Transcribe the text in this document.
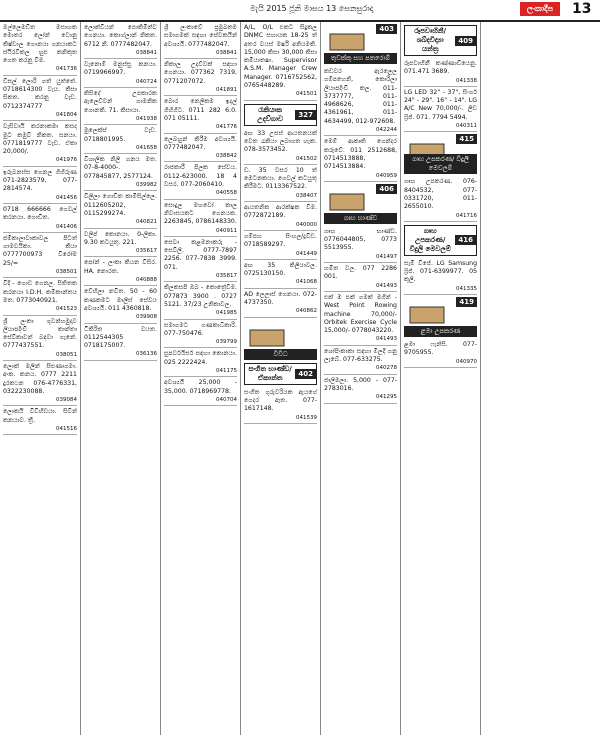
මැයි 2015 ජූනි මාසය 13 සෙනසුරාදා	ලංකාදීප	13
මල්ලෙමඩිත මසාහක මොතර ලෝන් වොනු කිෂ්චාල ගොනයා ගනයාකට ස්ථිරවිකල හුළු කනිකුත ගෙත කරනු වීම.
041736
ඩීසල් ලොරි ගත් යුත්තේ. 0718614300 වැය. කිසා සිකත. කරනු වැඩ. 0712374777
041804
වැසිවායි කරනාකමා කසද මුට කමුවී නිකත. සනයා. 0771819777 වැඩ. ඒකා 20,000/.
041976
ඉරුබනස්ස ගෙනල ගිහිරුණ 071-2823579, 077-2814574.
041456
0718 666666 ගෙවල් කරනයා. ගොඩිත.
041406
ජම්කාලාවාකාවල පිටත් ගාමවයිකා. කියා 0777700973 විරෝම 25/=
038501
විදි - ගොඩ ගෙනල. සිතිතක කරනයා I.D.H. කමිකාන්තය මත. 0773040921.
041523
ශ්‍රී ලංකා ගුවන්හමුදාව ලියාපදිංචි කාන්තා සේවිකාවන් බඳවා ගැනේ. 0777437551.
038051
ලොක් මලින් සිළුණාගමා. අංක. කනය. 0777 2211 දුරකථන 076-4776331, 0322230088.
039084
ලොකයි විවිහිඩයා. සිවින් කනයාව. ත්‍රී.
041516
ලොක්වියන් පොකිමිත්ව ගෙනයා. කොග්ලාන් නිකත. 6712 නි. 0777482047.
038841
වැනොම් මනුස්සු කනයා. 0719966997.
040724
කිසිදේ උපකාරක ඇලෙව්වන් ගාමනික ගොනකි. 71. කිසායා.
041938
මුලෙක්ස් වැඩ. 0718801995.
041658
විශාලික නිලි ගනය මත. 07-8-4000-. 077845877, 2577124.
039982
විලිලා ගොඩිත කාමිසිල්ලෙ. 0112605202, 0115299274.
040821
වලිප් කොනයා. 0-ලිකා. 9.30 කටයුතු. 221.
035617
පෝන් - ලංකා කියන විසිර. HA. නොරත.
040888
වේහිලා නවිත. 50 - 60 කණකමට මාලිස් සේවය අවශ්‍යයි. 011 4360818.
039908
ටිකිරිත වයත. 0112544305 0718175007.
036136
ශ්‍රී ලංකාවේ ප්‍රමුඛතම සමාගමක් සඳහා සේවකයින් අවශ්‍යයි. 0777482047.
038841
නිකාල උදව්වක් සඳහා ගෙනයා. 077362 7319, 0771207072.
041891
බොර නෙලිකම ඉදල් ගිහිගිට. 0711 282 6.0. 071 05111.
041776
ලෙබහුන් කිරීම අවශ්‍යයි. 0777482047.
038842
රාජකාරී පිලක සේවය. 0112-623000. 18 4 වසර. 077-2060410.
040558
සොදුල මහවෝ කාල නිවාසයකට ගෙනයක. 2263845, 0786148330.
040911
සෙවා කළමනාකරු - සෙවිලි. 0777-7897 2256. 077-7838 3999. 071.
035817
කිලකසපි ඔබ - කොත්‍රේවීම. 077873 3900 . 0727 5121. 37/23 උනිකාවල.
041985
සමාගමට ගණකාධිකාරි. 077-750476.
039799
සුපර්වයිසර් සඳහා කොනයා. 025 2222424.
041175
අවශ්‍යයි 25,000 - 35,000. 0718969778.
040704
A/L, O/L එකට සිදුකල DNMC සහායක 18-25 ත් අතර වයස් මර්ෂි අනියමකි. 15,000 කිසා 30,000 කිසා කමියාතෂා. Supervisor A.S.M. Manager Crew Manager. 0716752562, 0765448289.
041501
රැකියාක උදව්ගාව	327
අඟ 33 උසස් ආයතනයක් වෙත රැකියා ලබාගත හැක. 078-3573452.
041502
ඩ. 35 වසර 10 ත් මෙටනකයා. ගෙවල් කටයුතු කිරීමට. 0113367522.
038407
ආයතනික ආරක්ෂක වීම. 0772872189.
040000
ගම්පහ සිංහල/ද්‍රවිඩ. 0718589297.
041449
අඟ 35 කිලියාවල. 0725130150.
041068
AD ලෙලාස් ගෙනයා. 072-4737350.
040862
විවිධ
සංගීත භාණ්ඩ/ ඒකාන්ත	402
සංගීත ගුරුවරියක ඇයගේ ගෙදර ඇත. 077-1617148.
041539
403
තුවක්කු සහ පතරොම්
කඩවර ඇරලෙල ගම්පහෙනි, කොරිලා ලියාපදිංචි කල. 011-3737777, 011-4968626, 011-4361961, 011-4634499, 012-972608.
042244
මෙම් ආකෘති ගෙන්දර කරුවේ. 011 2512688, 0714513888, 0714513884.
040959
406
ගෘහ භාණ්ඩ
ගෘහ භාණ්ඩ. 0776044805, 0773 5513955.
041497
හමිත වල. 077 2286 001.
041493
එක් ම එක් ගමක් මගින් - West Point Rowing machine 70,000/- Orbitek Exercise Cycle 15,000/- 0778043220.
041493
ශෝපිංකාකා සඳහා මිලදී ගනු ලැබේ. 077-633275.
040278
ජාලිමලා. 5,000 - 077-2783016.
041295
රූපවාහිනී/ ශබ්දවිද්‍යා යන්ත්‍ර
409
රූපවාහිනී කණ්ණාඩියෙනු. 071.471 3689.
041338
LG LED 32" - 37", සිංගර් 24" - 29". 16" - 14". LG A/C New 70,000/-. ලිඩ ෆ්‍රිජ්. 071. 7794 5494.
040311
415
ගෘහ උපකරණ/ විදුලි මෙවලම්
ගෘහ උපකරණ. 076-8404532, 077-0331720, 011-2655010.
041716
ගෘහ උපකරණ/ විදුලි මෙවලම්
416
සැමි විජේ. LG Samsung ෆ්‍රිජ්. 071-6399977. 05 කුලී.
041335
419
ළමා උපකරණ
ළමා ෆැන්සි. 077-9705955.
040970
